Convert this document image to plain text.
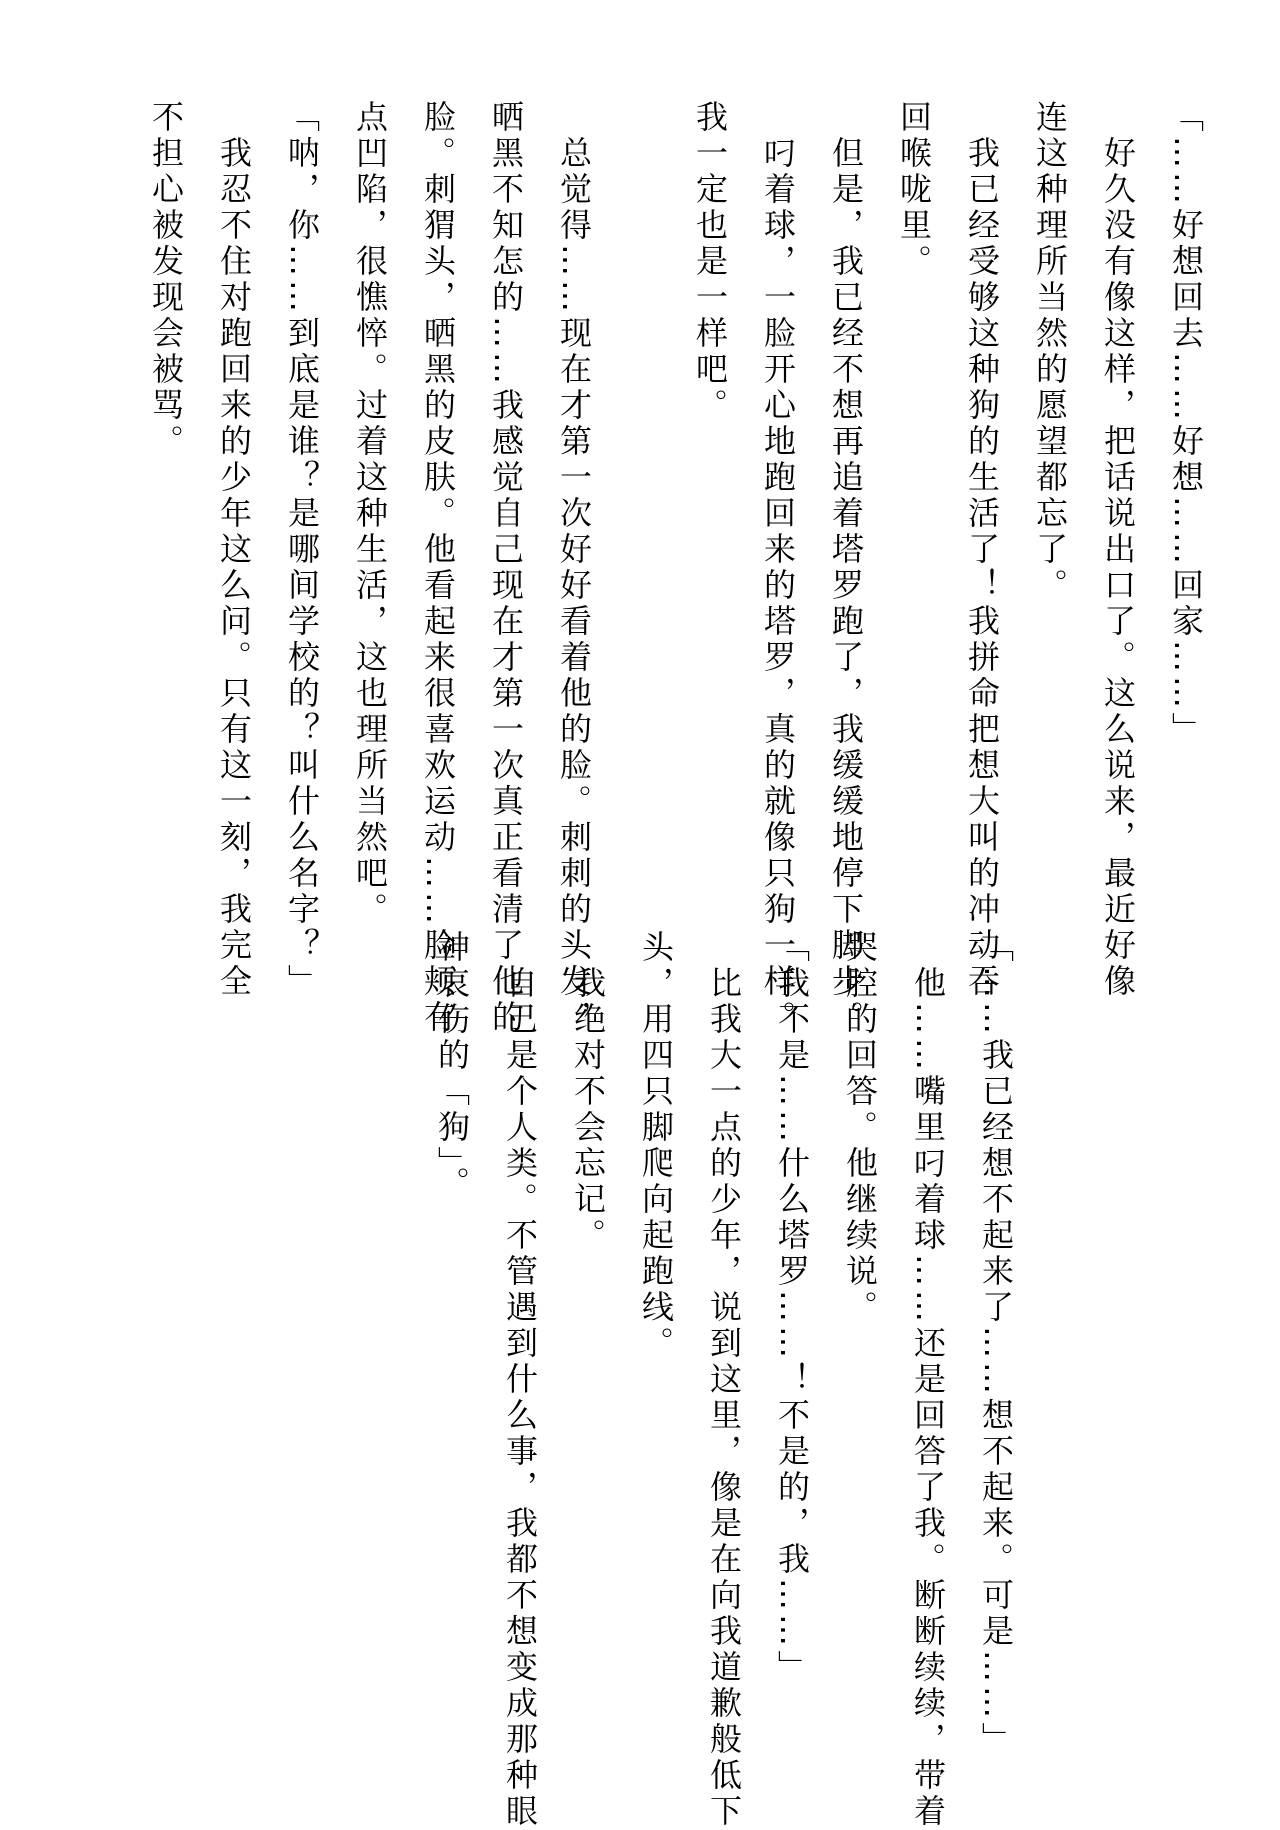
「……好想回去……好想……回家……」
　好久没有像这样，把话说出口了。这么说来，最近好像
连这种理所当然的愿望都忘了。
　我已经受够这种狗的生活了！我拼命把想大叫的冲动吞
回喉咙里。
　但是，我已经不想再追着塔罗跑了，我缓缓地停下脚步。
　叼着球，一脸开心地跑回来的塔罗，真的就像只狗一样。
我一定也是一样吧。

　总觉得……现在才第一次好好看着他的脸。刺刺的头发，
晒黑不知怎的……我感觉自己现在才第一次真正看清了他的
脸。刺猬头，晒黑的皮肤。他看起来很喜欢运动……脸颊有
点凹陷，很憔悴。过着这种生活，这也理所当然吧。
「呐，你……到底是谁？是哪间学校的？叫什么名字？」
　我忍不住对跑回来的少年这么问。只有这一刻，我完全
不担心被发现会被骂。
「……我已经想不起来了……想不起来。可是……」
　他……嘴里叼着球……还是回答了我。断断续续，带着
哭腔的回答。他继续说。
「我不是……什么塔罗……！不是的，我……」
　比我大一点的少年，说到这里，像是在向我道歉般低下
头，用四只脚爬向起跑线。
　我绝对不会忘记。
　自己是个人类。不管遇到什么事，我都不想变成那种眼
神哀伤的「狗」。
